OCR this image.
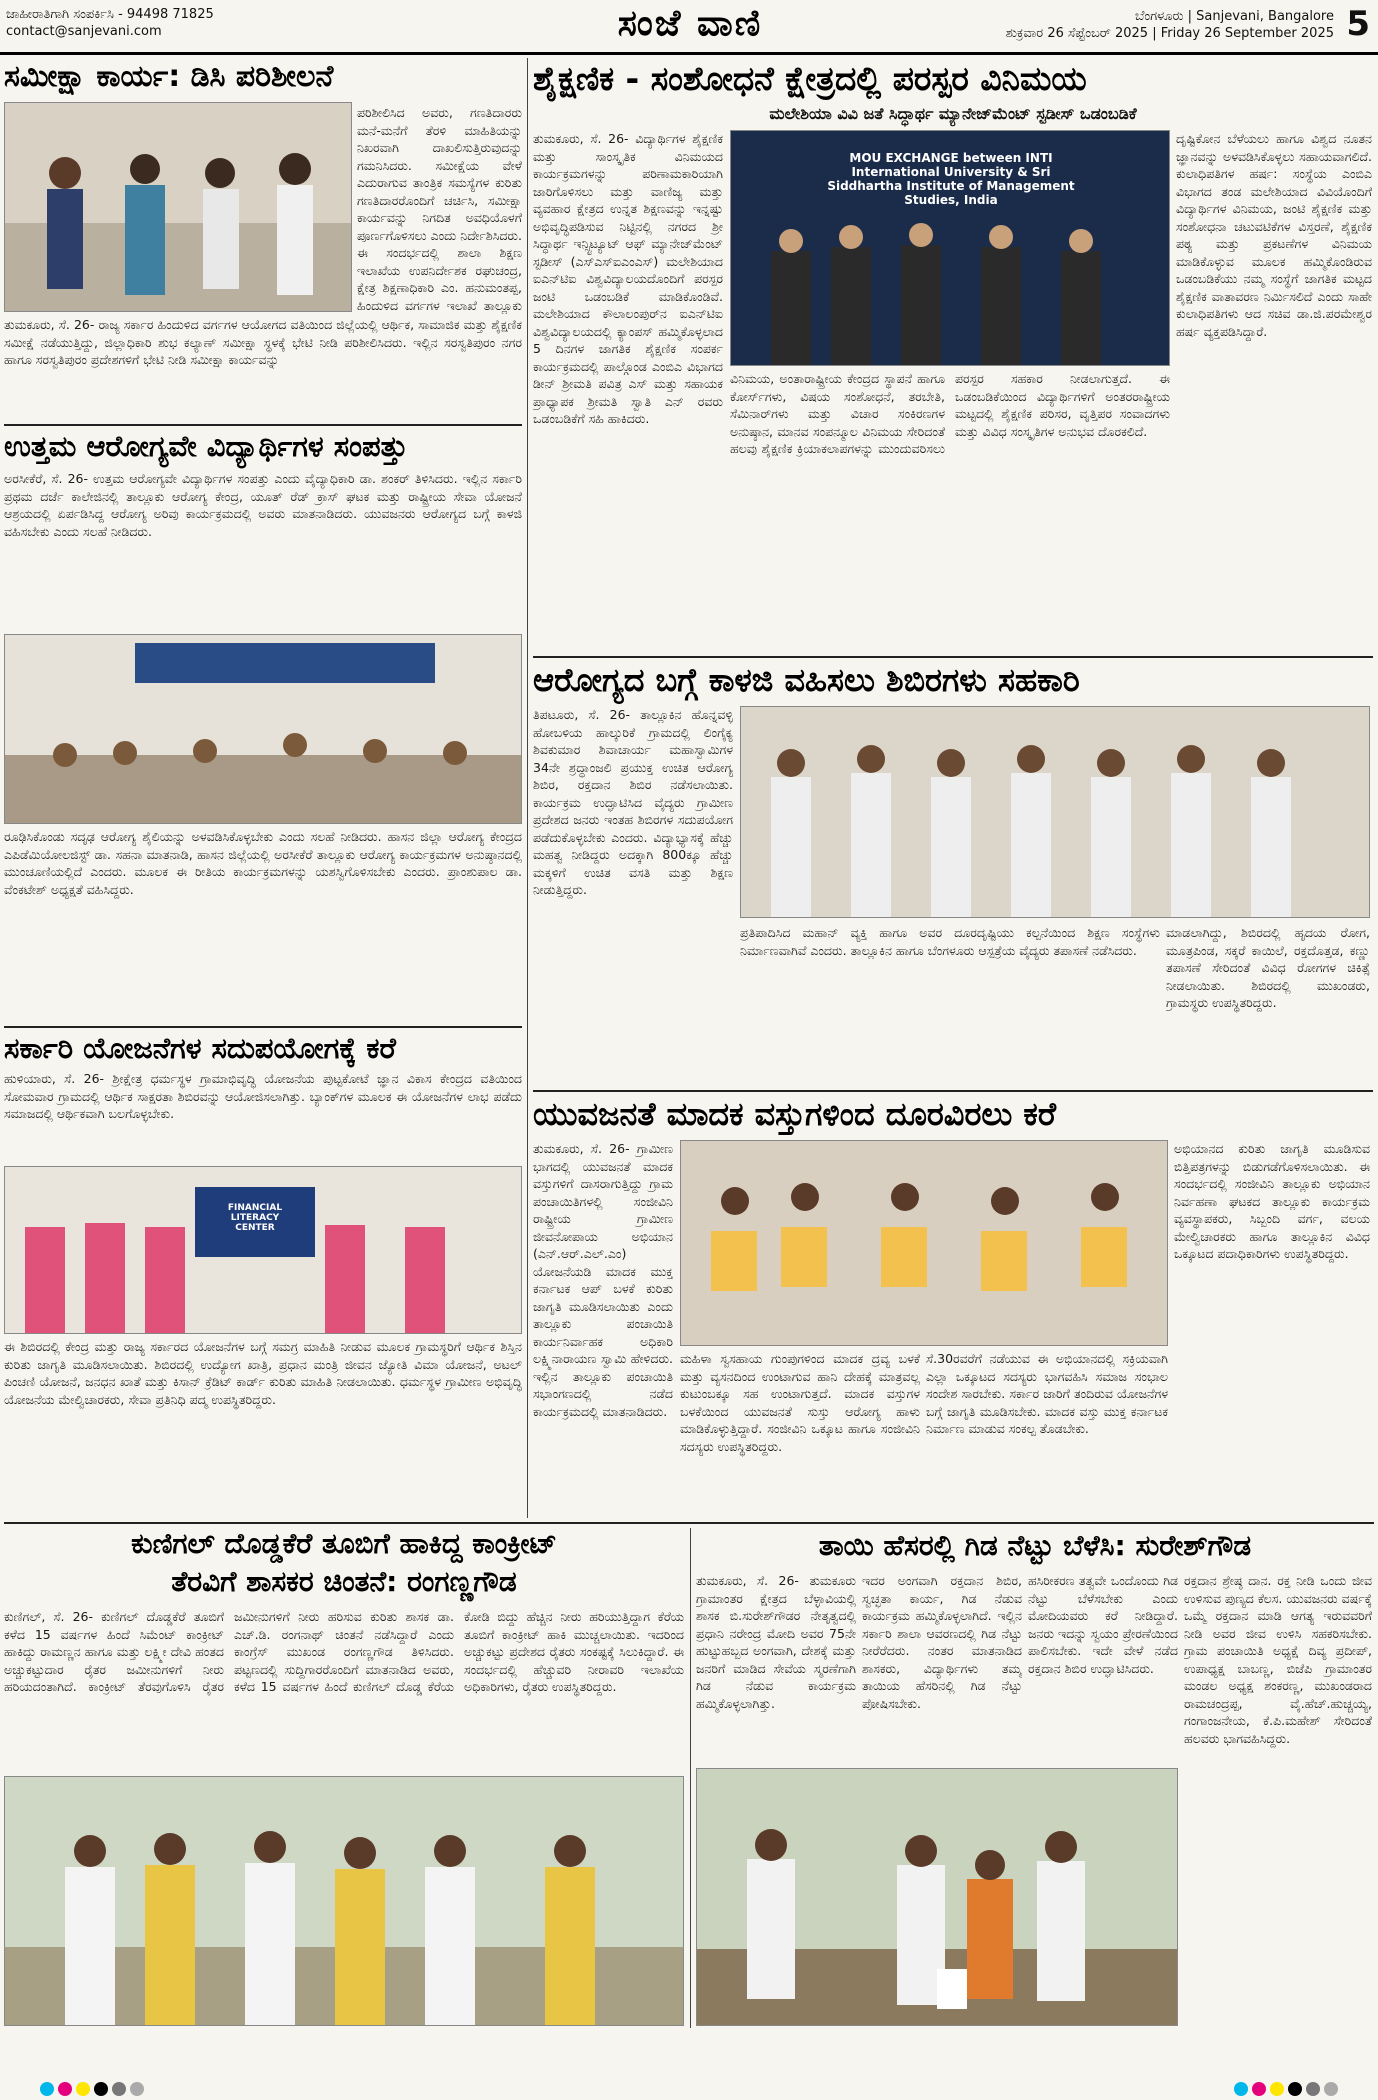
ಜಾಹೀರಾತಿಗಾಗಿ ಸಂಪರ್ಕಿಸಿ - 94498 71825
contact@sanjevani.com	ಸಂಜೆ ವಾಣಿ	ಬೆಂಗಳೂರು | Sanjevani, Bangalore
ಶುಕ್ರವಾರ 26 ಸೆಪ್ಟೆಂಬರ್ 2025 | Friday 26 September 2025 5
ಸಮೀಕ್ಷಾ ಕಾರ್ಯ: ಡಿಸಿ ಪರಿಶೀಲನೆ
ಪರಿಶೀಲಿಸಿದ ಅವರು, ಗಣತಿದಾರರು ಮನೆ-ಮನೆಗೆ ತೆರಳಿ ಮಾಹಿತಿಯನ್ನು ನಿಖರವಾಗಿ ದಾಖಲಿಸುತ್ತಿರುವುದನ್ನು ಗಮನಿಸಿದರು. ಸಮೀಕ್ಷೆಯ ವೇಳೆ ಎದುರಾಗುವ ತಾಂತ್ರಿಕ ಸಮಸ್ಯೆಗಳ ಕುರಿತು ಗಣತಿದಾರರೊಂದಿಗೆ ಚರ್ಚಿಸಿ, ಸಮೀಕ್ಷಾ ಕಾರ್ಯವನ್ನು ನಿಗದಿತ ಅವಧಿಯೊಳಗೆ ಪೂರ್ಣಗೊಳಿಸಲು ಎಂದು ನಿರ್ದೇಶಿಸಿದರು. ಈ ಸಂದರ್ಭದಲ್ಲಿ ಶಾಲಾ ಶಿಕ್ಷಣ ಇಲಾಖೆಯ ಉಪನಿರ್ದೇಶಕ ರಘುಚಂದ್ರ, ಕ್ಷೇತ್ರ ಶಿಕ್ಷಣಾಧಿಕಾರಿ ಎಂ. ಹನುಮಂತಪ್ಪ, ಹಿಂದುಳಿದ ವರ್ಗಗಳ ಇಲಾಖೆ ತಾಲ್ಲೂಕು
ತುಮಕೂರು, ಸೆ. 26- ರಾಜ್ಯ ಸರ್ಕಾರ ಹಿಂದುಳಿದ ವರ್ಗಗಳ ಆಯೋಗದ ವತಿಯಿಂದ ಜಿಲ್ಲೆಯಲ್ಲಿ ಆರ್ಥಿಕ, ಸಾಮಾಜಿಕ ಮತ್ತು ಶೈಕ್ಷಣಿಕ ಸಮೀಕ್ಷೆ ನಡೆಯುತ್ತಿದ್ದು, ಜಿಲ್ಲಾಧಿಕಾರಿ ಶುಭ ಕಲ್ಯಾಣ್ ಸಮೀಕ್ಷಾ ಸ್ಥಳಕ್ಕೆ ಭೇಟಿ ನೀಡಿ ಪರಿಶೀಲಿಸಿದರು. ಇಲ್ಲಿನ ಸರಸ್ವತಿಪುರಂ ನಗರ ಹಾಗೂ ಸರಸ್ವತಿಪುರಂ ಪ್ರದೇಶಗಳಿಗೆ ಭೇಟಿ ನೀಡಿ ಸಮೀಕ್ಷಾ ಕಾರ್ಯವನ್ನು
ಉತ್ತಮ ಆರೋಗ್ಯವೇ ವಿದ್ಯಾರ್ಥಿಗಳ ಸಂಪತ್ತು
ಅರಸೀಕೆರೆ, ಸೆ. 26- ಉತ್ತಮ ಆರೋಗ್ಯವೇ ವಿದ್ಯಾರ್ಥಿಗಳ ಸಂಪತ್ತು ಎಂದು ವೈದ್ಯಾಧಿಕಾರಿ ಡಾ. ಶಂಕರ್ ತಿಳಿಸಿದರು. ಇಲ್ಲಿನ ಸರ್ಕಾರಿ ಪ್ರಥಮ ದರ್ಜೆ ಕಾಲೇಜಿನಲ್ಲಿ ತಾಲ್ಲೂಕು ಆರೋಗ್ಯ ಕೇಂದ್ರ, ಯೂತ್ ರೆಡ್ ಕ್ರಾಸ್ ಘಟಕ ಮತ್ತು ರಾಷ್ಟ್ರೀಯ ಸೇವಾ ಯೋಜನೆ ಆಶ್ರಯದಲ್ಲಿ ಏರ್ಪಡಿಸಿದ್ದ ಆರೋಗ್ಯ ಅರಿವು ಕಾರ್ಯಕ್ರಮದಲ್ಲಿ ಅವರು ಮಾತನಾಡಿದರು. ಯುವಜನರು ಆರೋಗ್ಯದ ಬಗ್ಗೆ ಕಾಳಜಿ ವಹಿಸಬೇಕು ಎಂದು ಸಲಹೆ ನೀಡಿದರು.
ರೂಢಿಸಿಕೊಂಡು ಸದೃಢ ಆರೋಗ್ಯ ಶೈಲಿಯನ್ನು ಅಳವಡಿಸಿಕೊಳ್ಳಬೇಕು ಎಂದು ಸಲಹೆ ನೀಡಿದರು. ಹಾಸನ ಜಿಲ್ಲಾ ಆರೋಗ್ಯ ಕೇಂದ್ರದ ಎಪಿಡೆಮಿಯೋಲಜಿಸ್ಟ್ ಡಾ. ಸಹನಾ ಮಾತನಾಡಿ, ಹಾಸನ ಜಿಲ್ಲೆಯಲ್ಲಿ ಅರಸೀಕೆರೆ ತಾಲ್ಲೂಕು ಆರೋಗ್ಯ ಕಾರ್ಯಕ್ರಮಗಳ ಅನುಷ್ಠಾನದಲ್ಲಿ ಮುಂಚೂಣಿಯಲ್ಲಿದೆ ಎಂದರು. ಮೂಲಕ ಈ ರೀತಿಯ ಕಾರ್ಯಕ್ರಮಗಳನ್ನು ಯಶಸ್ವಿಗೊಳಿಸಬೇಕು ಎಂದರು. ಪ್ರಾಂಶುಪಾಲ ಡಾ. ವೆಂಕಟೇಶ್ ಅಧ್ಯಕ್ಷತೆ ವಹಿಸಿದ್ದರು.
ಸರ್ಕಾರಿ ಯೋಜನೆಗಳ ಸದುಪಯೋಗಕ್ಕೆ ಕರೆ
ಹುಳಿಯಾರು, ಸೆ. 26- ಶ್ರೀಕ್ಷೇತ್ರ ಧರ್ಮಸ್ಥಳ ಗ್ರಾಮಾಭಿವೃದ್ಧಿ ಯೋಜನೆಯ ಪುಟ್ಟಕೋಟೆ ಜ್ಞಾನ ವಿಕಾಸ ಕೇಂದ್ರದ ವತಿಯಿಂದ ಸೋಮವಾರ ಗ್ರಾಮದಲ್ಲಿ ಆರ್ಥಿಕ ಸಾಕ್ಷರತಾ ಶಿಬಿರವನ್ನು ಆಯೋಜಿಸಲಾಗಿತ್ತು. ಬ್ಯಾಂಕ್‌ಗಳ ಮೂಲಕ ಈ ಯೋಜನೆಗಳ ಲಾಭ ಪಡೆದು ಸಮಾಜದಲ್ಲಿ ಆರ್ಥಿಕವಾಗಿ ಬಲಗೊಳ್ಳಬೇಕು.
FINANCIAL LITERACY CENTER
ಈ ಶಿಬಿರದಲ್ಲಿ ಕೇಂದ್ರ ಮತ್ತು ರಾಜ್ಯ ಸರ್ಕಾರದ ಯೋಜನೆಗಳ ಬಗ್ಗೆ ಸಮಗ್ರ ಮಾಹಿತಿ ನೀಡುವ ಮೂಲಕ ಗ್ರಾಮಸ್ಥರಿಗೆ ಆರ್ಥಿಕ ಶಿಸ್ತಿನ ಕುರಿತು ಜಾಗೃತಿ ಮೂಡಿಸಲಾಯಿತು. ಶಿಬಿರದಲ್ಲಿ ಉದ್ಯೋಗ ಖಾತ್ರಿ, ಪ್ರಧಾನ ಮಂತ್ರಿ ಜೀವನ ಜ್ಯೋತಿ ವಿಮಾ ಯೋಜನೆ, ಅಟಲ್ ಪಿಂಚಣಿ ಯೋಜನೆ, ಜನಧನ ಖಾತೆ ಮತ್ತು ಕಿಸಾನ್ ಕ್ರೆಡಿಟ್ ಕಾರ್ಡ್ ಕುರಿತು ಮಾಹಿತಿ ನೀಡಲಾಯಿತು. ಧರ್ಮಸ್ಥಳ ಗ್ರಾಮೀಣ ಅಭಿವೃದ್ಧಿ ಯೋಜನೆಯ ಮೇಲ್ವಿಚಾರಕರು, ಸೇವಾ ಪ್ರತಿನಿಧಿ ಪದ್ಮ ಉಪಸ್ಥಿತರಿದ್ದರು.
ಶೈಕ್ಷಣಿಕ - ಸಂಶೋಧನೆ ಕ್ಷೇತ್ರದಲ್ಲಿ ಪರಸ್ಪರ ವಿನಿಮಯ
ಮಲೇಶಿಯಾ ವಿವಿ ಜತೆ ಸಿದ್ಧಾರ್ಥ ಮ್ಯಾನೇಜ್‌ಮೆಂಟ್ ಸ್ಟಡೀಸ್ ಒಡಂಬಡಿಕೆ
ತುಮಕೂರು, ಸೆ. 26- ವಿದ್ಯಾರ್ಥಿಗಳ ಶೈಕ್ಷಣಿಕ ಮತ್ತು ಸಾಂಸ್ಕೃತಿಕ ವಿನಿಮಯದ ಕಾರ್ಯಕ್ರಮಗಳನ್ನು ಪರಿಣಾಮಕಾರಿಯಾಗಿ ಜಾರಿಗೊಳಿಸಲು ಮತ್ತು ವಾಣಿಜ್ಯ ಮತ್ತು ವ್ಯವಹಾರ ಕ್ಷೇತ್ರದ ಉನ್ನತ ಶಿಕ್ಷಣವನ್ನು ಇನ್ನಷ್ಟು ಅಭಿವೃದ್ಧಿಪಡಿಸುವ ನಿಟ್ಟಿನಲ್ಲಿ ನಗರದ ಶ್ರೀ ಸಿದ್ಧಾರ್ಥ ಇನ್ಸ್ಟಿಟ್ಯೂಟ್ ಆಫ್ ಮ್ಯಾನೇಜ್‌ಮೆಂಟ್ ಸ್ಟಡೀಸ್ (ಎಸ್‌ಎಸ್‌ಐಎಂಎಸ್) ಮಲೇಶಿಯಾದ ಐಎನ್‌ಟಿಐ ವಿಶ್ವವಿದ್ಯಾಲಯದೊಂದಿಗೆ ಪರಸ್ಪರ ಜಂಟಿ ಒಡಂಬಡಿಕೆ ಮಾಡಿಕೊಂಡಿವೆ. ಮಲೇಶಿಯಾದ ಕೌಲಾಲಂಪುರ್‌ನ ಐಎನ್‌ಟಿಐ ವಿಶ್ವವಿದ್ಯಾಲಯದಲ್ಲಿ ಕ್ಯಾಂಪಸ್ ಹಮ್ಮಿಕೊಳ್ಳಲಾದ 5 ದಿನಗಳ ಜಾಗತಿಕ ಶೈಕ್ಷಣಿಕ ಸಂಪರ್ಕ ಕಾರ್ಯಕ್ರಮದಲ್ಲಿ ಪಾಲ್ಗೊಂಡ ಎಂಬಿಎ ವಿಭಾಗದ ಡೀನ್ ಶ್ರೀಮತಿ ಪವಿತ್ರ ಎಸ್ ಮತ್ತು ಸಹಾಯಕ ಪ್ರಾಧ್ಯಾಪಕ ಶ್ರೀಮತಿ ಸ್ವಾತಿ ಎನ್ ರವರು ಒಡಂಬಡಿಕೆಗೆ ಸಹಿ ಹಾಕಿದರು.
MOU EXCHANGE between INTI International University & Sri Siddhartha Institute of Management Studies, India
ವಿನಿಮಯ, ಅಂತಾರಾಷ್ಟ್ರೀಯ ಕೇಂದ್ರದ ಸ್ಥಾಪನೆ ಹಾಗೂ ಕೋರ್ಸ್‌ಗಳು, ವಿಷಯ ಸಂಶೋಧನೆ, ತರಬೇತಿ, ಸೆಮಿನಾರ್‌ಗಳು ಮತ್ತು ವಿಚಾರ ಸಂಕಿರಣಗಳ ಅನುಷ್ಠಾನ, ಮಾನವ ಸಂಪನ್ಮೂಲ ವಿನಿಮಯ ಸೇರಿದಂತೆ ಹಲವು ಶೈಕ್ಷಣಿಕ ಕ್ರಿಯಾಕಲಾಪಗಳನ್ನು ಮುಂದುವರಿಸಲು ಪರಸ್ಪರ ಸಹಕಾರ ನೀಡಲಾಗುತ್ತದೆ. ಈ ಒಡಂಬಡಿಕೆಯಿಂದ ವಿದ್ಯಾರ್ಥಿಗಳಿಗೆ ಅಂತರರಾಷ್ಟ್ರೀಯ ಮಟ್ಟದಲ್ಲಿ ಶೈಕ್ಷಣಿಕ ಪರಿಸರ, ವೃತ್ತಿಪರ ಸಂವಾದಗಳು ಮತ್ತು ವಿವಿಧ ಸಂಸ್ಕೃತಿಗಳ ಅನುಭವ ದೊರಕಲಿದೆ.
ದೃಷ್ಟಿಕೋನ ಬೆಳೆಯಲು ಹಾಗೂ ವಿಶ್ವದ ನೂತನ ಜ್ಞಾನವನ್ನು ಅಳವಡಿಸಿಕೊಳ್ಳಲು ಸಹಾಯವಾಗಲಿದೆ. ಕುಲಾಧಿಪತಿಗಳ ಹರ್ಷ: ಸಂಸ್ಥೆಯ ಎಂಬಿಎ ವಿಭಾಗದ ತಂಡ ಮಲೇಶಿಯಾದ ವಿವಿಯೊಂದಿಗೆ ವಿದ್ಯಾರ್ಥಿಗಳ ವಿನಿಮಯ, ಜಂಟಿ ಶೈಕ್ಷಣಿಕ ಮತ್ತು ಸಂಶೋಧನಾ ಚಟುವಟಿಕೆಗಳ ವಿಸ್ತರಣೆ, ಶೈಕ್ಷಣಿಕ ಪಠ್ಯ ಮತ್ತು ಪ್ರಕಟಣೆಗಳ ವಿನಿಮಯ ಮಾಡಿಕೊಳ್ಳುವ ಮೂಲಕ ಹಮ್ಮಿಕೊಂಡಿರುವ ಒಡಂಬಡಿಕೆಯು ನಮ್ಮ ಸಂಸ್ಥೆಗೆ ಜಾಗತಿಕ ಮಟ್ಟದ ಶೈಕ್ಷಣಿಕ ವಾತಾವರಣ ನಿರ್ಮಿಸಲಿದೆ ಎಂದು ಸಾಹೇ ಕುಲಾಧಿಪತಿಗಳು ಆದ ಸಚಿವ ಡಾ.ಜಿ.ಪರಮೇಶ್ವರ ಹರ್ಷ ವ್ಯಕ್ತಪಡಿಸಿದ್ದಾರೆ.
ಆರೋಗ್ಯದ ಬಗ್ಗೆ ಕಾಳಜಿ ವಹಿಸಲು ಶಿಬಿರಗಳು ಸಹಕಾರಿ
ತಿಪಟೂರು, ಸೆ. 26- ತಾಲ್ಲೂಕಿನ ಹೊನ್ನವಳ್ಳಿ ಹೋಬಳಿಯ ಹಾಲ್ಕುರಿಕೆ ಗ್ರಾಮದಲ್ಲಿ ಲಿಂಗೈಕ್ಯ ಶಿವಕುಮಾರ ಶಿವಾಚಾರ್ಯ ಮಹಾಸ್ವಾಮಿಗಳ 34ನೇ ಶ್ರದ್ಧಾಂಜಲಿ ಪ್ರಯುಕ್ತ ಉಚಿತ ಆರೋಗ್ಯ ಶಿಬಿರ, ರಕ್ತದಾನ ಶಿಬಿರ ನಡೆಸಲಾಯಿತು. ಕಾರ್ಯಕ್ರಮ ಉದ್ಘಾಟಿಸಿದ ವೈದ್ಯರು ಗ್ರಾಮೀಣ ಪ್ರದೇಶದ ಜನರು ಇಂತಹ ಶಿಬಿರಗಳ ಸದುಪಯೋಗ ಪಡೆದುಕೊಳ್ಳಬೇಕು ಎಂದರು. ವಿದ್ಯಾಭ್ಯಾಸಕ್ಕೆ ಹೆಚ್ಚು ಮಹತ್ವ ನೀಡಿದ್ದರು ಅದಕ್ಕಾಗಿ 800ಕ್ಕೂ ಹೆಚ್ಚು ಮಕ್ಕಳಿಗೆ ಉಚಿತ ವಸತಿ ಮತ್ತು ಶಿಕ್ಷಣ ನೀಡುತ್ತಿದ್ದರು.
ಪ್ರತಿಪಾದಿಸಿದ ಮಹಾನ್ ವ್ಯಕ್ತಿ ಹಾಗೂ ಅವರ ದೂರದೃಷ್ಟಿಯು ಕಲ್ಪನೆಯಿಂದ ಶಿಕ್ಷಣ ಸಂಸ್ಥೆಗಳು ನಿರ್ಮಾಣವಾಗಿವೆ ಎಂದರು. ತಾಲ್ಲೂಕಿನ ಹಾಗೂ ಬೆಂಗಳೂರು ಆಸ್ಪತ್ರೆಯ ವೈದ್ಯರು ತಪಾಸಣೆ ನಡೆಸಿದರು.
ಮಾಡಲಾಗಿದ್ದು, ಶಿಬಿರದಲ್ಲಿ ಹೃದಯ ರೋಗ, ಮೂತ್ರಪಿಂಡ, ಸಕ್ಕರೆ ಕಾಯಿಲೆ, ರಕ್ತದೊತ್ತಡ, ಕಣ್ಣು ತಪಾಸಣೆ ಸೇರಿದಂತೆ ವಿವಿಧ ರೋಗಗಳ ಚಿಕಿತ್ಸೆ ನೀಡಲಾಯಿತು. ಶಿಬಿರದಲ್ಲಿ ಮುಖಂಡರು, ಗ್ರಾಮಸ್ಥರು ಉಪಸ್ಥಿತರಿದ್ದರು.
ಯುವಜನತೆ ಮಾದಕ ವಸ್ತುಗಳಿಂದ ದೂರವಿರಲು ಕರೆ
ತುಮಕೂರು, ಸೆ. 26- ಗ್ರಾಮೀಣ ಭಾಗದಲ್ಲಿ ಯುವಜನತೆ ಮಾದಕ ವಸ್ತುಗಳಿಗೆ ದಾಸರಾಗುತ್ತಿದ್ದು ಗ್ರಾಮ ಪಂಚಾಯಿತಿಗಳಲ್ಲಿ ಸಂಜೀವಿನಿ ರಾಷ್ಟ್ರೀಯ ಗ್ರಾಮೀಣ ಜೀವನೋಪಾಯ ಅಭಿಯಾನ (ಎನ್.ಆರ್.ಎಲ್.ಎಂ) ಯೋಜನೆಯಡಿ ಮಾದಕ ಮುಕ್ತ ಕರ್ನಾಟಕ ಆಪ್ ಬಳಕೆ ಕುರಿತು ಜಾಗೃತಿ ಮೂಡಿಸಲಾಯಿತು ಎಂದು ತಾಲ್ಲೂಕು ಪಂಚಾಯಿತಿ ಕಾರ್ಯನಿರ್ವಾಹಕ ಅಧಿಕಾರಿ ಲಕ್ಷ್ಮಿನಾರಾಯಣ ಸ್ವಾಮಿ ಹೇಳಿದರು. ಇಲ್ಲಿನ ತಾಲ್ಲೂಕು ಪಂಚಾಯಿತಿ ಸಭಾಂಗಣದಲ್ಲಿ ನಡೆದ ಕಾರ್ಯಕ್ರಮದಲ್ಲಿ ಮಾತನಾಡಿದರು.
ಮಹಿಳಾ ಸ್ವಸಹಾಯ ಗುಂಪುಗಳಿಂದ ಮಾದಕ ದ್ರವ್ಯ ಬಳಕೆ ಮತ್ತು ವ್ಯಸನದಿಂದ ಉಂಟಾಗುವ ಹಾನಿ ದೇಹಕ್ಕೆ ಮಾತ್ರವಲ್ಲ ಕುಟುಂಬಕ್ಕೂ ಸಹ ಉಂಟಾಗುತ್ತದೆ. ಮಾದಕ ವಸ್ತುಗಳ ಬಳಕೆಯಿಂದ ಯುವಜನತೆ ಸುಸ್ತು ಆರೋಗ್ಯ ಹಾಳು ಮಾಡಿಕೊಳ್ಳುತ್ತಿದ್ದಾರೆ. ಸಂಜೀವಿನಿ ಒಕ್ಕೂಟ ಹಾಗೂ ಸಂಜೀವಿನಿ ಸದಸ್ಯರು ಉಪಸ್ಥಿತರಿದ್ದರು.
ಸೆ.30ರವರೆಗೆ ನಡೆಯುವ ಈ ಅಭಿಯಾನದಲ್ಲಿ ಸಕ್ರಿಯವಾಗಿ ಎಲ್ಲಾ ಒಕ್ಕೂಟದ ಸದಸ್ಯರು ಭಾಗವಹಿಸಿ ಸಮಾಜ ಸಂಭಾಲ ಸಂದೇಶ ಸಾರಬೇಕು. ಸರ್ಕಾರ ಜಾರಿಗೆ ತಂದಿರುವ ಯೋಜನೆಗಳ ಬಗ್ಗೆ ಜಾಗೃತಿ ಮೂಡಿಸಬೇಕು. ಮಾದಕ ವಸ್ತು ಮುಕ್ತ ಕರ್ನಾಟಕ ನಿರ್ಮಾಣ ಮಾಡುವ ಸಂಕಲ್ಪ ತೊಡಬೇಕು.
ಅಭಿಯಾನದ ಕುರಿತು ಜಾಗೃತಿ ಮೂಡಿಸುವ ಬಿತ್ತಿಪತ್ರಗಳನ್ನು ಬಿಡುಗಡೆಗೊಳಿಸಲಾಯಿತು. ಈ ಸಂದರ್ಭದಲ್ಲಿ ಸಂಜೀವಿನಿ ತಾಲ್ಲೂಕು ಅಭಿಯಾನ ನಿರ್ವಹಣಾ ಘಟಕದ ತಾಲ್ಲೂಕು ಕಾರ್ಯಕ್ರಮ ವ್ಯವಸ್ಥಾಪಕರು, ಸಿಬ್ಬಂದಿ ವರ್ಗ, ವಲಯ ಮೇಲ್ವಿಚಾರಕರು ಹಾಗೂ ತಾಲ್ಲೂಕಿನ ವಿವಿಧ ಒಕ್ಕೂಟದ ಪದಾಧಿಕಾರಿಗಳು ಉಪಸ್ಥಿತರಿದ್ದರು.
ಕುಣಿಗಲ್ ದೊಡ್ಡಕೆರೆ ತೂಬಿಗೆ ಹಾಕಿದ್ದ ಕಾಂಕ್ರೀಟ್
ತೆರವಿಗೆ ಶಾಸಕರ ಚಿಂತನೆ: ರಂಗಣ್ಣಗೌಡ
ಕುಣಿಗಲ್, ಸೆ. 26- ಕುಣಿಗಲ್ ದೊಡ್ಡಕೆರೆ ತೂಬಿಗೆ ಕಳೆದ 15 ವರ್ಷಗಳ ಹಿಂದೆ ಸಿಮೆಂಟ್ ಕಾಂಕ್ರೀಟ್ ಹಾಕಿದ್ದು ರಾಮಣ್ಣನ ಹಾಗೂ ಮತ್ತು ಲಕ್ಷ್ಮೀ ದೇವಿ ಹಂತದ ಅಚ್ಚುಕಟ್ಟುದಾರ ರೈತರ ಜಮೀನುಗಳಿಗೆ ನೀರು ಹರಿಯದಂತಾಗಿದೆ. ಕಾಂಕ್ರೀಟ್ ತೆರವುಗೊಳಿಸಿ ರೈತರ ಜಮೀನುಗಳಿಗೆ ನೀರು ಹರಿಸುವ ಕುರಿತು ಶಾಸಕ ಡಾ. ಎಚ್.ಡಿ. ರಂಗನಾಥ್ ಚಿಂತನೆ ನಡೆಸಿದ್ದಾರೆ ಎಂದು ಕಾಂಗ್ರೆಸ್ ಮುಖಂಡ ರಂಗಣ್ಣಗೌಡ ತಿಳಿಸಿದರು. ಪಟ್ಟಣದಲ್ಲಿ ಸುದ್ದಿಗಾರರೊಂದಿಗೆ ಮಾತನಾಡಿದ ಅವರು, ಕಳೆದ 15 ವರ್ಷಗಳ ಹಿಂದೆ ಕುಣಿಗಲ್ ದೊಡ್ಡ ಕೆರೆಯ ಕೋಡಿ ಬಿದ್ದು ಹೆಚ್ಚಿನ ನೀರು ಹರಿಯುತ್ತಿದ್ದಾಗ ಕೆರೆಯ ತೂಬಿಗೆ ಕಾಂಕ್ರೀಟ್ ಹಾಕಿ ಮುಚ್ಚಲಾಯಿತು. ಇದರಿಂದ ಅಚ್ಚುಕಟ್ಟು ಪ್ರದೇಶದ ರೈತರು ಸಂಕಷ್ಟಕ್ಕೆ ಸಿಲುಕಿದ್ದಾರೆ. ಈ ಸಂದರ್ಭದಲ್ಲಿ ಹೆಚ್ಚುವರಿ ನೀರಾವರಿ ಇಲಾಖೆಯ ಅಧಿಕಾರಿಗಳು, ರೈತರು ಉಪಸ್ಥಿತರಿದ್ದರು.
ತಾಯಿ ಹೆಸರಲ್ಲಿ ಗಿಡ ನೆಟ್ಟು ಬೆಳೆಸಿ: ಸುರೇಶ್‌ಗೌಡ
ತುಮಕೂರು, ಸೆ. 26- ತುಮಕೂರು ಗ್ರಾಮಾಂತರ ಕ್ಷೇತ್ರದ ಬೆಳ್ಳಾವಿಯಲ್ಲಿ ಶಾಸಕ ಬಿ.ಸುರೇಶ್‌ಗೌಡರ ನೇತೃತ್ವದಲ್ಲಿ ಪ್ರಧಾನಿ ನರೇಂದ್ರ ಮೋದಿ ಅವರ 75ನೇ ಹುಟ್ಟುಹಬ್ಬದ ಅಂಗವಾಗಿ, ದೇಶಕ್ಕೆ ಮತ್ತು ಜನರಿಗೆ ಮಾಡಿದ ಸೇವೆಯ ಸ್ಮರಣೆಗಾಗಿ ಗಿಡ ನೆಡುವ ಕಾರ್ಯಕ್ರಮ ಹಮ್ಮಿಕೊಳ್ಳಲಾಗಿತ್ತು.
ಇದರ ಅಂಗವಾಗಿ ರಕ್ತದಾನ ಶಿಬಿರ, ಸ್ವಚ್ಛತಾ ಕಾರ್ಯ, ಗಿಡ ನೆಡುವ ಕಾರ್ಯಕ್ರಮ ಹಮ್ಮಿಕೊಳ್ಳಲಾಗಿದೆ. ಇಲ್ಲಿನ ಸರ್ಕಾರಿ ಶಾಲಾ ಆವರಣದಲ್ಲಿ ಗಿಡ ನೆಟ್ಟು ನೀರೆರೆದರು. ನಂತರ ಮಾತನಾಡಿದ ಶಾಸಕರು, ವಿದ್ಯಾರ್ಥಿಗಳು ತಮ್ಮ ತಾಯಿಯ ಹೆಸರಿನಲ್ಲಿ ಗಿಡ ನೆಟ್ಟು ಪೋಷಿಸಬೇಕು.
ಹಸಿರೀಕರಣ ತತ್ವವೇ ಒಂದೊಂದು ಗಿಡ ನೆಟ್ಟು ಬೆಳೆಸಬೇಕು ಎಂದು ಮೋದಿಯವರು ಕರೆ ನೀಡಿದ್ದಾರೆ. ಜನರು ಇದನ್ನು ಸ್ವಯಂ ಪ್ರೇರಣೆಯಿಂದ ಪಾಲಿಸಬೇಕು. ಇದೇ ವೇಳೆ ನಡೆದ ರಕ್ತದಾನ ಶಿಬಿರ ಉದ್ಘಾಟಿಸಿದರು.
ರಕ್ತದಾನ ಶ್ರೇಷ್ಠ ದಾನ. ರಕ್ತ ನೀಡಿ ಒಂದು ಜೀವ ಉಳಿಸುವ ಪುಣ್ಯದ ಕೆಲಸ. ಯುವಜನರು ವರ್ಷಕ್ಕೆ ಒಮ್ಮೆ ರಕ್ತದಾನ ಮಾಡಿ ಆಗತ್ಯ ಇರುವವರಿಗೆ ನೀಡಿ ಅವರ ಜೀವ ಉಳಿಸಿ ಸಹಕರಿಸಬೇಕು. ಗ್ರಾಮ ಪಂಚಾಯಿತಿ ಅಧ್ಯಕ್ಷೆ ದಿವ್ಯ ಪ್ರದೀಪ್, ಉಪಾಧ್ಯಕ್ಷ ಬಾಬಣ್ಣ, ಬಿಜೆಪಿ ಗ್ರಾಮಾಂತರ ಮಂಡಲ ಅಧ್ಯಕ್ಷ ಶಂಕರಣ್ಣ, ಮುಖಂಡರಾದ ರಾಮಚಂದ್ರಪ್ಪ, ವೈ.ಹೆಚ್.ಹುಚ್ಚಯ್ಯ, ಗಂಗಾಂಜನೇಯ, ಕೆ.ಪಿ.ಮಹೇಶ್ ಸೇರಿದಂತೆ ಹಲವರು ಭಾಗವಹಿಸಿದ್ದರು.
